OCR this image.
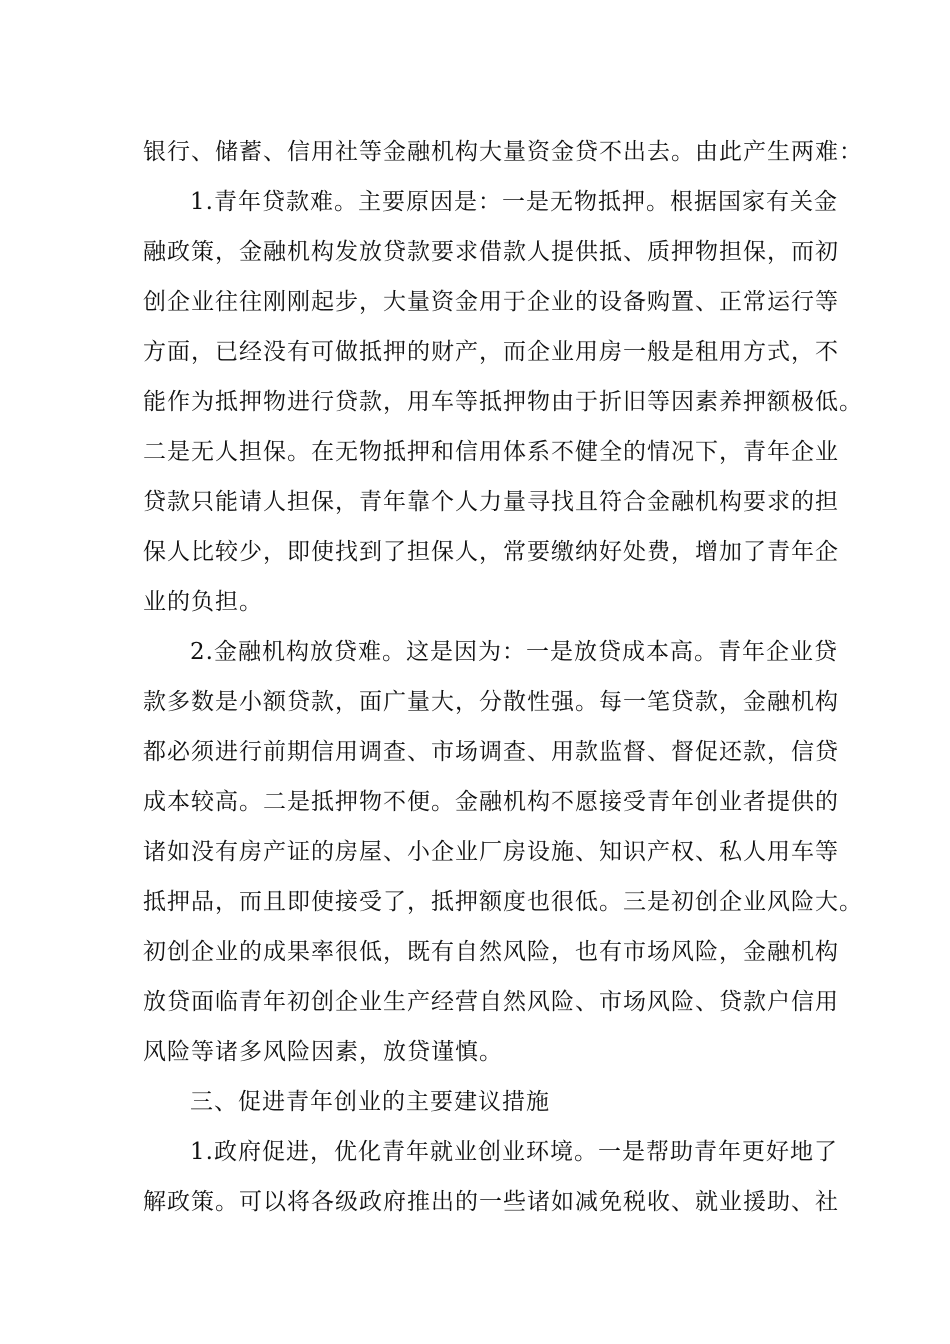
银行、储蓄、信用社等金融机构大量资金贷不出去。由此产生两难：
1.青年贷款难。主要原因是：一是无物抵押。根据国家有关金
融政策，金融机构发放贷款要求借款人提供抵、质押物担保，而初
创企业往往刚刚起步，大量资金用于企业的设备购置、正常运行等
方面，已经没有可做抵押的财产，而企业用房一般是租用方式，不
能作为抵押物进行贷款，用车等抵押物由于折旧等因素养押额极低。
二是无人担保。在无物抵押和信用体系不健全的情况下，青年企业
贷款只能请人担保，青年靠个人力量寻找且符合金融机构要求的担
保人比较少，即使找到了担保人，常要缴纳好处费，增加了青年企
业的负担。
2.金融机构放贷难。这是因为：一是放贷成本高。青年企业贷
款多数是小额贷款，面广量大，分散性强。每一笔贷款，金融机构
都必须进行前期信用调查、市场调查、用款监督、督促还款，信贷
成本较高。二是抵押物不便。金融机构不愿接受青年创业者提供的
诸如没有房产证的房屋、小企业厂房设施、知识产权、私人用车等
抵押品，而且即使接受了，抵押额度也很低。三是初创企业风险大。
初创企业的成果率很低，既有自然风险，也有市场风险，金融机构
放贷面临青年初创企业生产经营自然风险、市场风险、贷款户信用
风险等诸多风险因素，放贷谨慎。
三、促进青年创业的主要建议措施
1.政府促进，优化青年就业创业环境。一是帮助青年更好地了
解政策。可以将各级政府推出的一些诸如减免税收、就业援助、社
